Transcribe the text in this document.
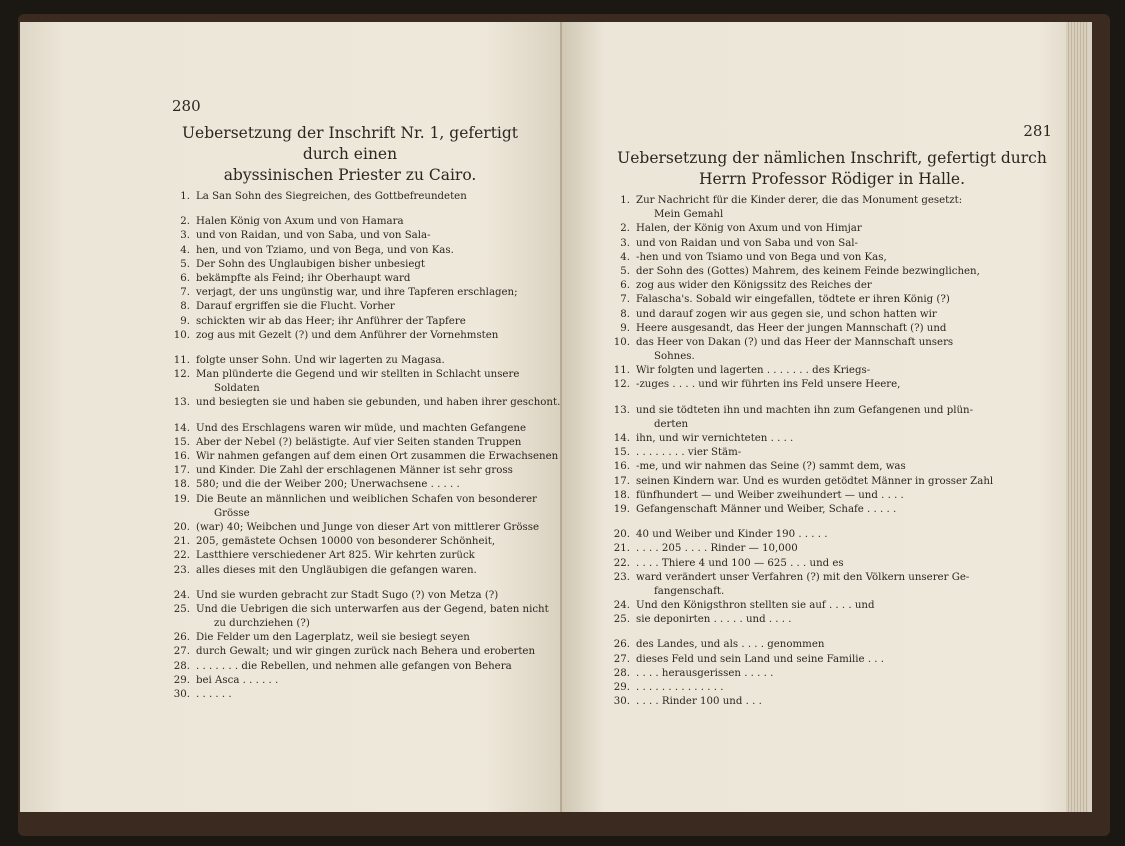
280

Uebersetzung der Inschrift Nr. 1, gefertigt durch einen
abyssinischen Priester zu Cairo.
1. La San Sohn des Siegreichen, des Gottbefreundeten
2. Halen König von Axum und von Hamara
3. und von Raidan, und von Saba, und von Sala-
4. hen, und von Tziamo, und von Bega, und von Kas.
5. Der Sohn des Unglaubigen bisher unbesiegt
6. bekämpfte als Feind; ihr Oberhaupt ward
7. verjagt, der uns ungünstig war, und ihre Tapferen erschlagen;
8. Darauf ergriffen sie die Flucht. Vorher
9. schickten wir ab das Heer; ihr Anführer der Tapfere
10. zog aus mit Gezelt (?) und dem Anführer der Vornehmsten
11. folgte unser Sohn. Und wir lagerten zu Magasa.
12. Man plünderte die Gegend und wir stellten in Schlacht unsere
Soldaten
13. und besiegten sie und haben sie gebunden, und haben ihrer geschont.
14. Und des Erschlagens waren wir müde, und machten Gefangene
15. Aber der Nebel (?) belästigte. Auf vier Seiten standen Truppen
16. Wir nahmen gefangen auf dem einen Ort zusammen die Erwachsenen
17. und Kinder. Die Zahl der erschlagenen Männer ist sehr gross
18. 580; und die der Weiber 200; Unerwachsene . . . . .
19. Die Beute an männlichen und weiblichen Schafen von besonderer
Grösse
20. (war) 40; Weibchen und Junge von dieser Art von mittlerer Grösse
21. 205, gemästete Ochsen 10000 von besonderer Schönheit,
22. Lastthiere verschiedener Art 825. Wir kehrten zurück
23. alles dieses mit den Ungläubigen die gefangen waren.
24. Und sie wurden gebracht zur Stadt Sugo (?) von Metza (?)
25. Und die Uebrigen die sich unterwarfen aus der Gegend, baten nicht
zu durchziehen (?)
26. Die Felder um den Lagerplatz, weil sie besiegt seyen
27. durch Gewalt; und wir gingen zurück nach Behera und eroberten
28. . . . . . . . die Rebellen, und nehmen alle gefangen von Behera
29. bei Asca . . . . . .
30. . . . . . .

281

Uebersetzung der nämlichen Inschrift, gefertigt durch
Herrn Professor Rödiger in Halle.
1. Zur Nachricht für die Kinder derer, die das Monument gesetzt:
Mein Gemahl
2. Halen, der König von Axum und von Himjar
3. und von Raidan und von Saba und von Sal-
4. -hen und von Tsiamo und von Bega und von Kas,
5. der Sohn des (Gottes) Mahrem, des keinem Feinde bezwinglichen,
6. zog aus wider den Königssitz des Reiches der
7. Falascha's. Sobald wir eingefallen, tödtete er ihren König (?)
8. und darauf zogen wir aus gegen sie, und schon hatten wir
9. Heere ausgesandt, das Heer der jungen Mannschaft (?) und
10. das Heer von Dakan (?) und das Heer der Mannschaft unsers
Sohnes.
11. Wir folgten und lagerten . . . . . . . des Kriegs-
12. -zuges . . . . und wir führten ins Feld unsere Heere,
13. und sie tödteten ihn und machten ihn zum Gefangenen und plün-
derten
14. ihn, und wir vernichteten . . . .
15. . . . . . . . . vier Stäm-
16. -me, und wir nahmen das Seine (?) sammt dem, was
17. seinen Kindern war. Und es wurden getödtet Männer in grosser Zahl
18. fünfhundert — und Weiber zweihundert — und . . . .
19. Gefangenschaft Männer und Weiber, Schafe . . . . .
20. 40 und Weiber und Kinder 190 . . . . .
21. . . . . 205 . . . . Rinder — 10,000
22. . . . . Thiere 4 und 100 — 625 . . . und es
23. ward verändert unser Verfahren (?) mit den Völkern unserer Ge-
fangenschaft.
24. Und den Königsthron stellten sie auf . . . . und
25. sie deponirten . . . . . und . . . .
26. des Landes, und als . . . . genommen
27. dieses Feld und sein Land und seine Familie . . .
28. . . . . herausgerissen . . . . .
29. . . . . . . . . . . . . . .
30. . . . . Rinder 100 und . . .
